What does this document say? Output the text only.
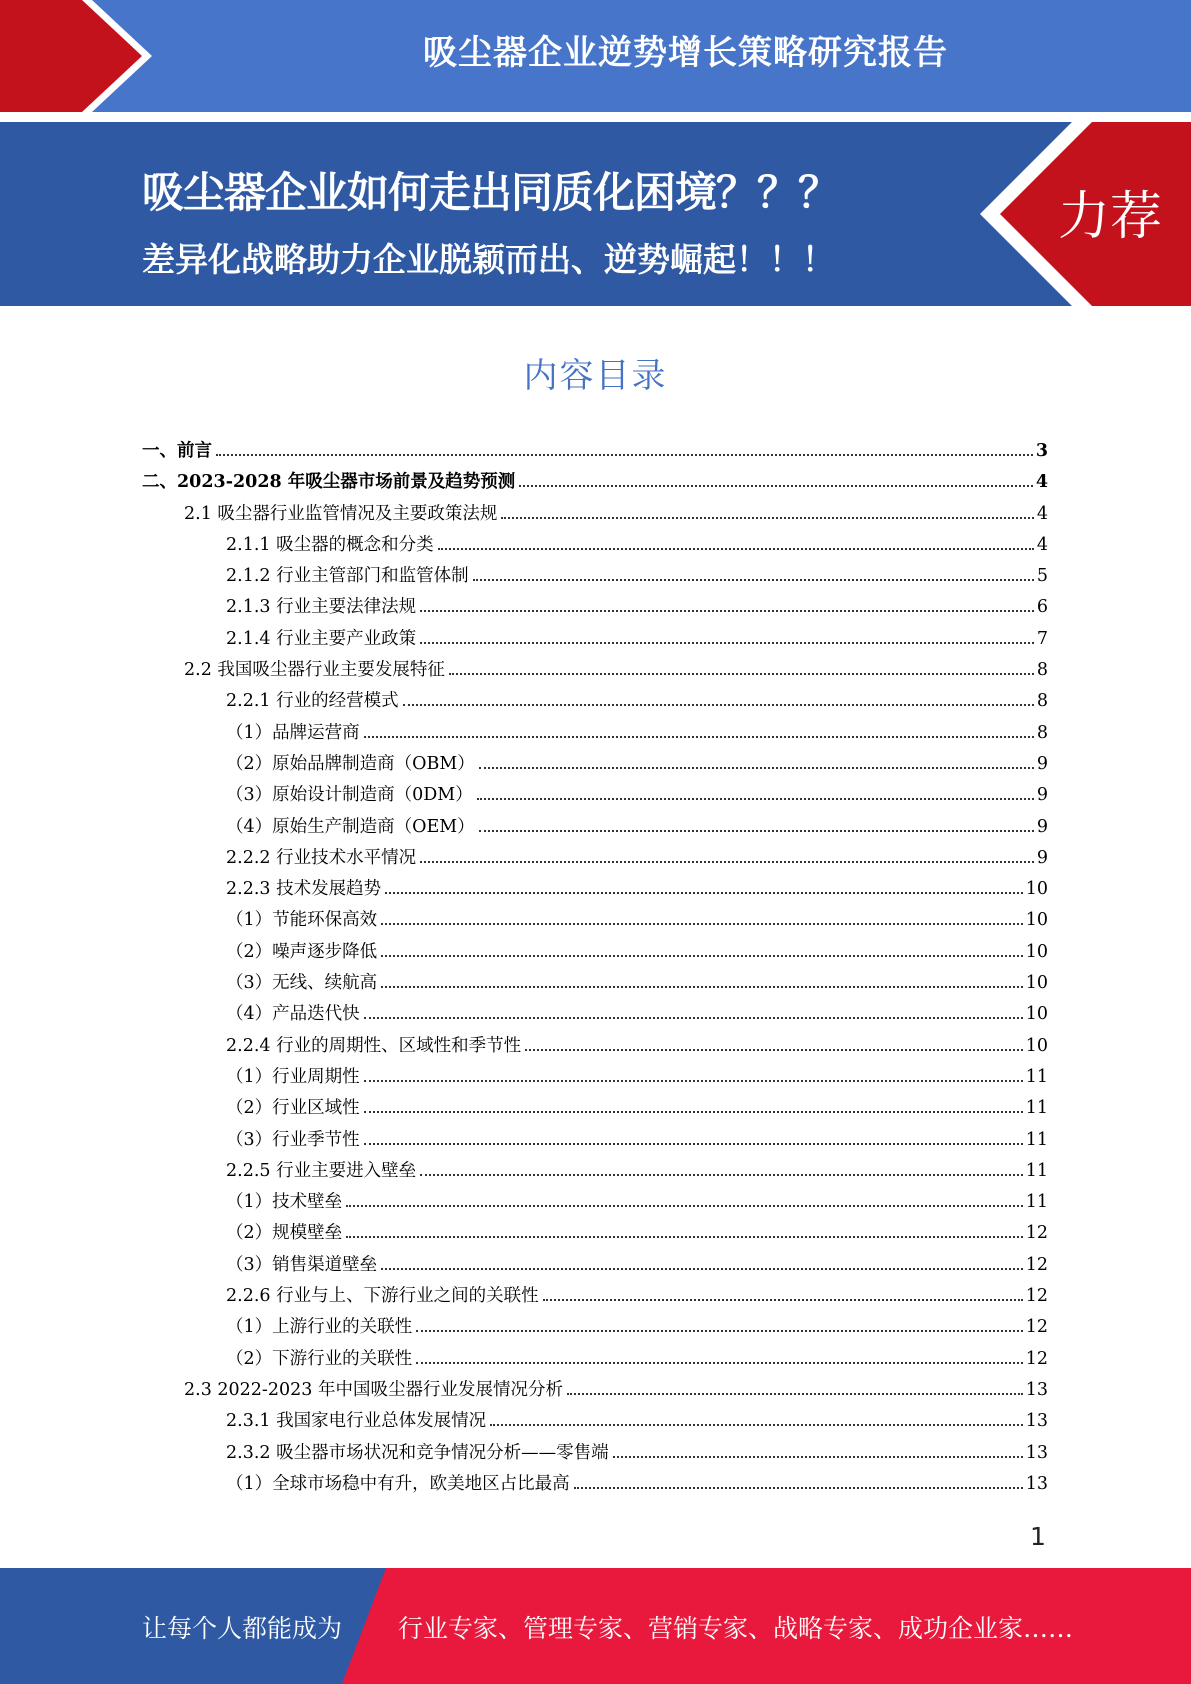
吸尘器企业逆势增长策略研究报告
吸尘器企业如何走出同质化困境？？？
差异化战略助力企业脱颖而出、逆势崛起！！！
力荐
内容目录
一、前言	3
二、2023-2028 年吸尘器市场前景及趋势预测	4
2.1 吸尘器行业监管情况及主要政策法规	4
2.1.1 吸尘器的概念和分类	4
2.1.2 行业主管部门和监管体制	5
2.1.3 行业主要法律法规	6
2.1.4 行业主要产业政策	7
2.2 我国吸尘器行业主要发展特征	8
2.2.1 行业的经营模式	8
（1）品牌运营商	8
（2）原始品牌制造商（OBM）	9
（3）原始设计制造商（0DM）	9
（4）原始生产制造商（OEM）	9
2.2.2 行业技术水平情况	9
2.2.3 技术发展趋势	10
（1）节能环保高效	10
（2）噪声逐步降低	10
（3）无线、续航高	10
（4）产品迭代快	10
2.2.4 行业的周期性、区域性和季节性	10
（1）行业周期性	11
（2）行业区域性	11
（3）行业季节性	11
2.2.5 行业主要进入壁垒	11
（1）技术壁垒	11
（2）规模壁垒	12
（3）销售渠道壁垒	12
2.2.6 行业与上、下游行业之间的关联性	12
（1）上游行业的关联性	12
（2）下游行业的关联性	12
2.3 2022-2023 年中国吸尘器行业发展情况分析	13
2.3.1 我国家电行业总体发展情况	13
2.3.2 吸尘器市场状况和竞争情况分析——零售端	13
（1）全球市场稳中有升，欧美地区占比最高	13
1
让每个人都能成为 行业专家、管理专家、营销专家、战略专家、成功企业家……
